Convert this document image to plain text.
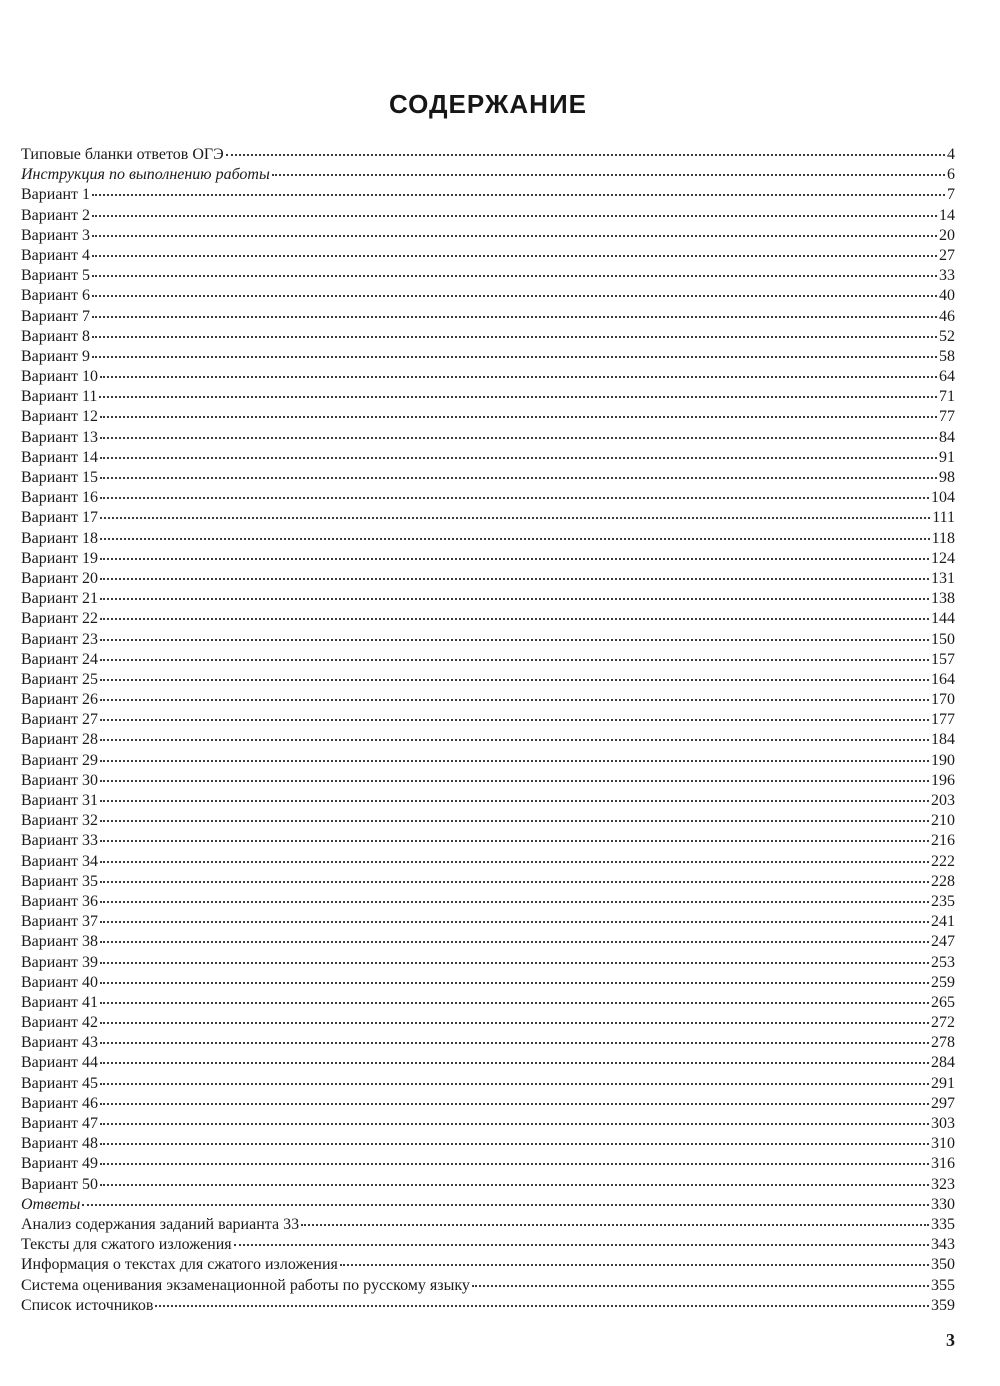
СОДЕРЖАНИЕ
Типовые бланки ответов ОГЭ	4
Инструкция по выполнению работы	6
Вариант 1	7
Вариант 2	14
Вариант 3	20
Вариант 4	27
Вариант 5	33
Вариант 6	40
Вариант 7	46
Вариант 8	52
Вариант 9	58
Вариант 10	64
Вариант 11	71
Вариант 12	77
Вариант 13	84
Вариант 14	91
Вариант 15	98
Вариант 16	104
Вариант 17	111
Вариант 18	118
Вариант 19	124
Вариант 20	131
Вариант 21	138
Вариант 22	144
Вариант 23	150
Вариант 24	157
Вариант 25	164
Вариант 26	170
Вариант 27	177
Вариант 28	184
Вариант 29	190
Вариант 30	196
Вариант 31	203
Вариант 32	210
Вариант 33	216
Вариант 34	222
Вариант 35	228
Вариант 36	235
Вариант 37	241
Вариант 38	247
Вариант 39	253
Вариант 40	259
Вариант 41	265
Вариант 42	272
Вариант 43	278
Вариант 44	284
Вариант 45	291
Вариант 46	297
Вариант 47	303
Вариант 48	310
Вариант 49	316
Вариант 50	323
Ответы	330
Анализ содержания заданий варианта 33	335
Тексты для сжатого изложения	343
Информация о текстах для сжатого изложения	350
Система оценивания экзаменационной работы по русскому языку	355
Список источников	359
3
